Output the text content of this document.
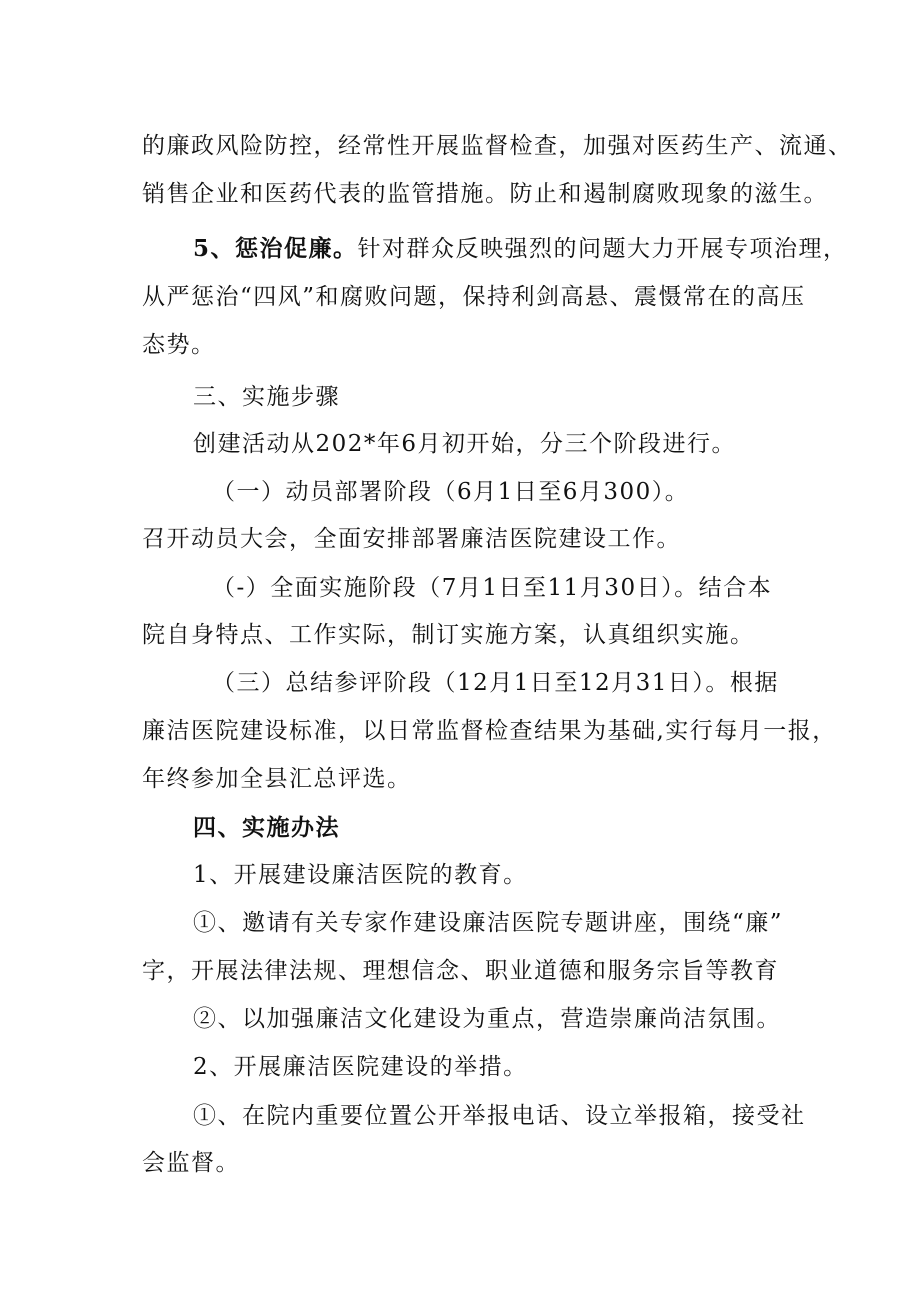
的廉政风险防控，经常性开展监督检查，加强对医药生产、流通、
销售企业和医药代表的监管措施。防止和遏制腐败现象的滋生。
5、惩治促廉。针对群众反映强烈的问题大力开展专项治理，
从严惩治“四风”和腐败问题，保持利剑高悬、震慑常在的高压
态势。
三、实施步骤
创建活动从202*年6月初开始，分三个阶段进行。
（一）动员部署阶段（6月1日至6月300）。
召开动员大会，全面安排部署廉洁医院建设工作。
（-）全面实施阶段（7月1日至11月30日）。结合本
院自身特点、工作实际，制订实施方案，认真组织实施。
（三）总结参评阶段（12月1日至12月31日）。根据
廉洁医院建设标准，以日常监督检查结果为基础,实行每月一报，
年终参加全县汇总评选。
四、实施办法
1、开展建设廉洁医院的教育。
①、邀请有关专家作建设廉洁医院专题讲座，围绕“廉”
字，开展法律法规、理想信念、职业道德和服务宗旨等教育
②、以加强廉洁文化建设为重点，营造崇廉尚洁氛围。
2、开展廉洁医院建设的举措。
①、在院内重要位置公开举报电话、设立举报箱，接受社
会监督。
